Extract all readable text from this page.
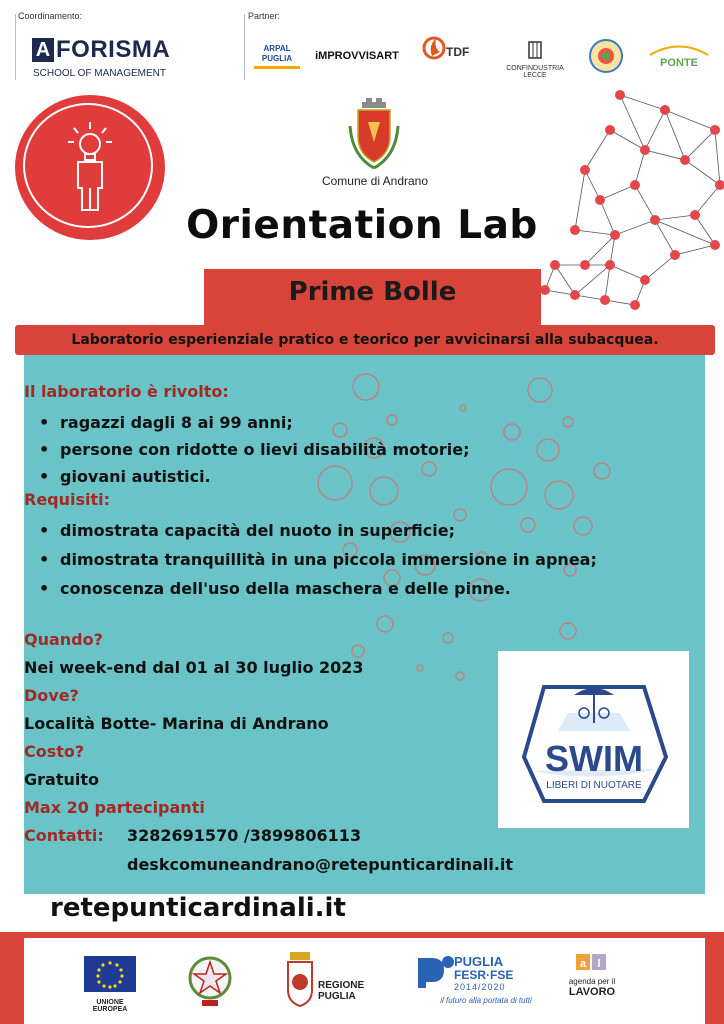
Coordinamento:
A FORISMA
SCHOOL OF MANAGEMENT
Partner:
ARPAL PUGLIA	iMPROVVISART	TDF
CONFINDUSTRIA LECCE
PONTE
Comune di Andrano
Orientation Lab
Prime Bolle
Laboratorio esperienziale pratico e teorico per avvicinarsi alla subacquea.
Il laboratorio è rivolto:
• ragazzi dagli 8 ai 99 anni;
• persone con ridotte o lievi disabilità motorie;
• giovani autistici.
Requisiti:
• dimostrata capacità del nuoto in superficie;
• dimostrata tranquillità in una piccola immersione in apnea;
• conoscenza dell'uso della maschera e delle pinne.
Quando?
Nei week-end dal 01 al 30 luglio 2023
Dove?
Località Botte- Marina di Andrano
Costo?
Gratuito
Max 20 partecipanti
Contatti: 3282691570 /3899806113
deskcomuneandrano@retepunticardinali.it
SWIM
LIBERI DI NUOTARE
retepunticardinali.it
UNIONE EUROPEA
REGIONE PUGLIA
PUGLIA
FESR·FSE
2014/2020
il futuro alla portata di tutti
a l
agenda per il
LAVORO
